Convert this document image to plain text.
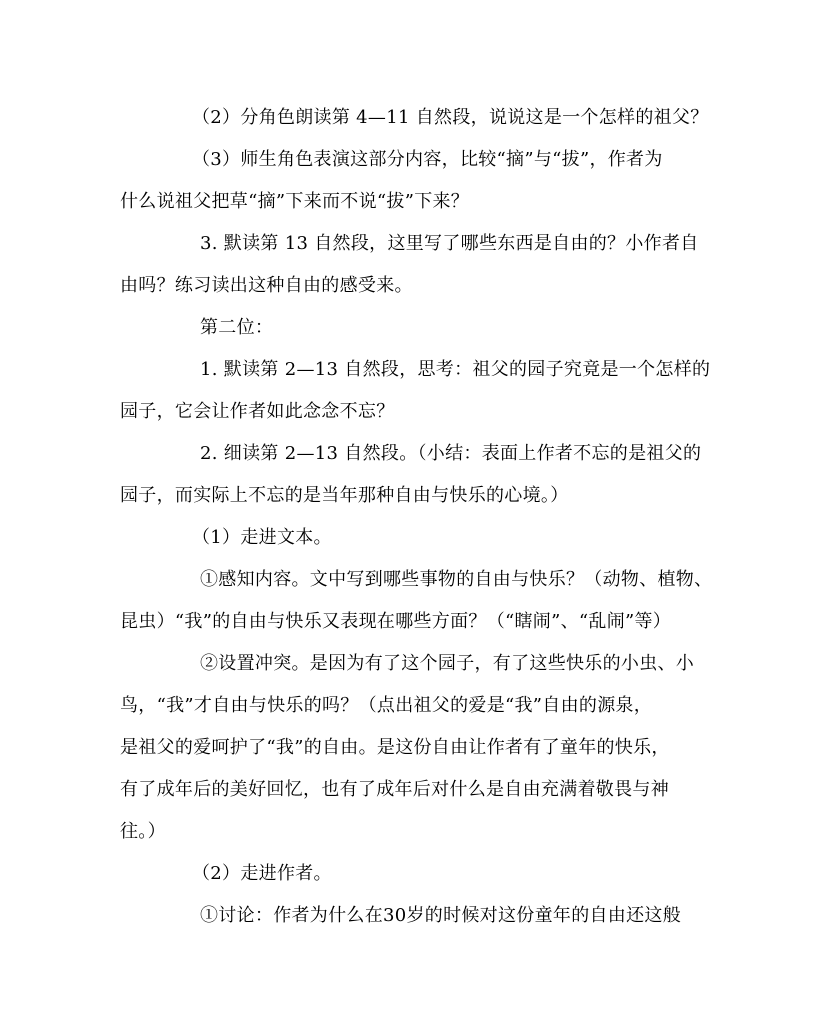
（2）分角色朗读第 4—11 自然段，说说这是一个怎样的祖父？
（3）师生角色表演这部分内容，比较“摘”与“拔”，作者为
什么说祖父把草“摘”下来而不说“拔”下来？
3. 默读第 13 自然段，这里写了哪些东西是自由的？小作者自
由吗？练习读出这种自由的感受来。
第二位：
1. 默读第 2—13 自然段，思考：祖父的园子究竟是一个怎样的
园子，它会让作者如此念念不忘？
2. 细读第 2—13 自然段。（小结：表面上作者不忘的是祖父的
园子，而实际上不忘的是当年那种自由与快乐的心境。）
（1）走进文本。
①感知内容。文中写到哪些事物的自由与快乐？（动物、植物、
昆虫）“我”的自由与快乐又表现在哪些方面？（“瞎闹”、“乱闹”等）
②设置冲突。是因为有了这个园子，有了这些快乐的小虫、小
鸟，“我”才自由与快乐的吗？（点出祖父的爱是“我”自由的源泉，
是祖父的爱呵护了“我”的自由。是这份自由让作者有了童年的快乐，
有了成年后的美好回忆，也有了成年后对什么是自由充满着敬畏与神
往。）
（2）走进作者。
①讨论：作者为什么在30岁的时候对这份童年的自由还这般
